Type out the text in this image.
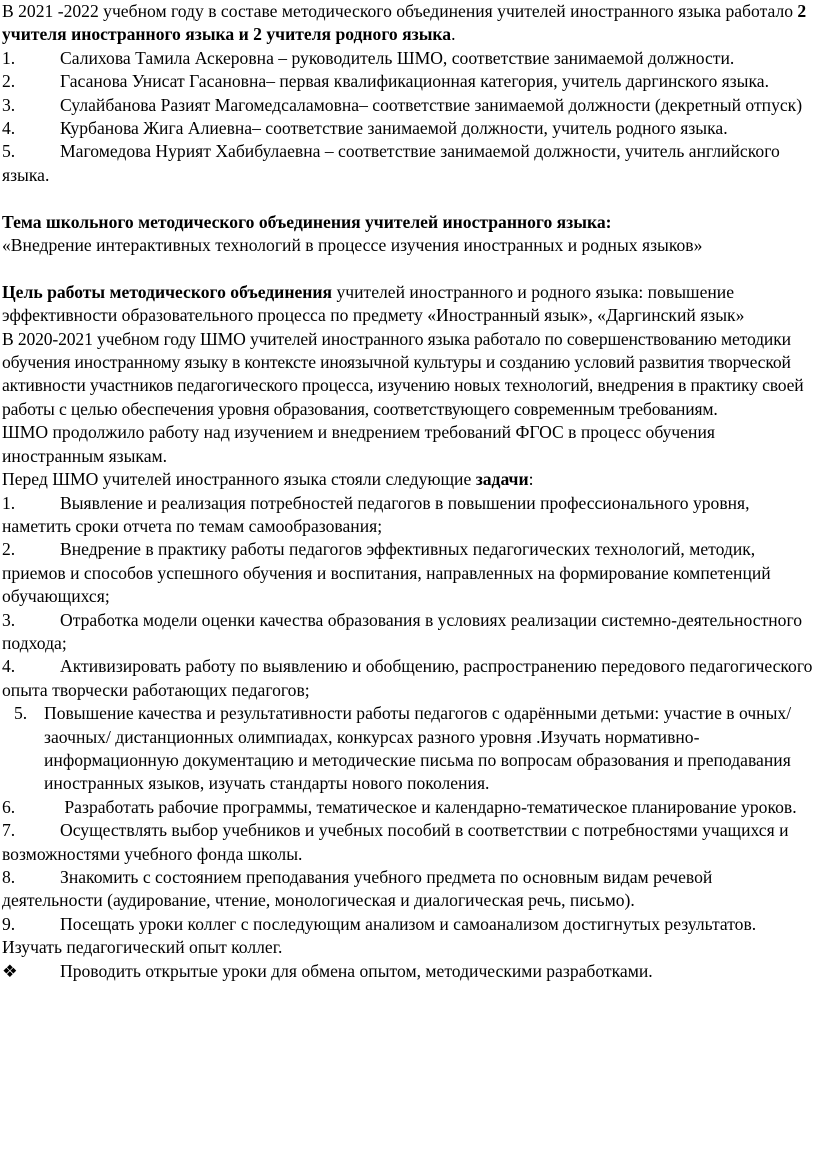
В 2021 -2022 учебном году в составе методического объединения учителей иностранного языка работало 2 учителя иностранного языка и 2 учителя родного языка.

1.	Салихова Тамила Аскеровна – руководитель ШМО, соответствие занимаемой должности.

2.	Гасанова Унисат Гасановна– первая квалификационная категория, учитель даргинского языка.

3.	Сулайбанова Разият Магомедсаламовна– соответствие занимаемой должности (декретный отпуск)

4.	Курбанова Жига Алиевна– соответствие занимаемой должности, учитель родного языка.

5.	Магомедова Нурият Хабибулаевна – соответствие занимаемой должности, учитель английского языка.

Тема школьного методического объединения учителей иностранного языка:

«Внедрение интерактивных технологий в процессе изучения иностранных и родных языков»

Цель работы методического объединения учителей иностранного и родного языка: повышение эффективности образовательного процесса по предмету «Иностранный язык», «Даргинский язык»

В 2020-2021 учебном году ШМО учителей иностранного языка работало по совершенствованию методики обучения иностранному языку в контексте иноязычной культуры и созданию условий развития творческой активности участников педагогического процесса, изучению новых технологий, внедрения в практику своей работы с целью обеспечения уровня образования, соответствующего современным требованиям.

ШМО продолжило работу над изучением и внедрением требований ФГОС в процесс обучения иностранным языкам.

Перед ШМО учителей иностранного языка стояли следующие задачи:

1.	Выявление и реализация потребностей педагогов в повышении профессионального уровня, наметить сроки отчета по темам самообразования;

2.	Внедрение в практику работы педагогов эффективных педагогических технологий, методик, приемов и способов успешного обучения и воспитания, направленных на формирование компетенций обучающихся;

3.	Отработка модели оценки качества образования в условиях реализации системно-деятельностного подхода;

4.	Активизировать работу по выявлению и обобщению, распространению передового педагогического опыта творчески работающих педагогов;

5. Повышение качества и результативности работы педагогов с одарёнными детьми: участие в очных/ заочных/ дистанционных олимпиадах, конкурсах разного уровня .Изучать нормативно-информационную документацию и методические письма по вопросам образования и преподавания иностранных языков, изучать стандарты нового поколения.

6.	Разработать рабочие программы, тематическое и календарно-тематическое планирование уроков.

7.	Осуществлять выбор учебников и учебных пособий в соответствии с потребностями учащихся и возможностями учебного фонда школы.

8.	Знакомить с состоянием преподавания учебного предмета по основным видам речевой деятельности (аудирование, чтение, монологическая и диалогическая речь, письмо).

9.	Посещать уроки коллег с последующим анализом и самоанализом достигнутых результатов. Изучать педагогический опыт коллег.

❖ Проводить открытые уроки для обмена опытом, методическими разработками.
